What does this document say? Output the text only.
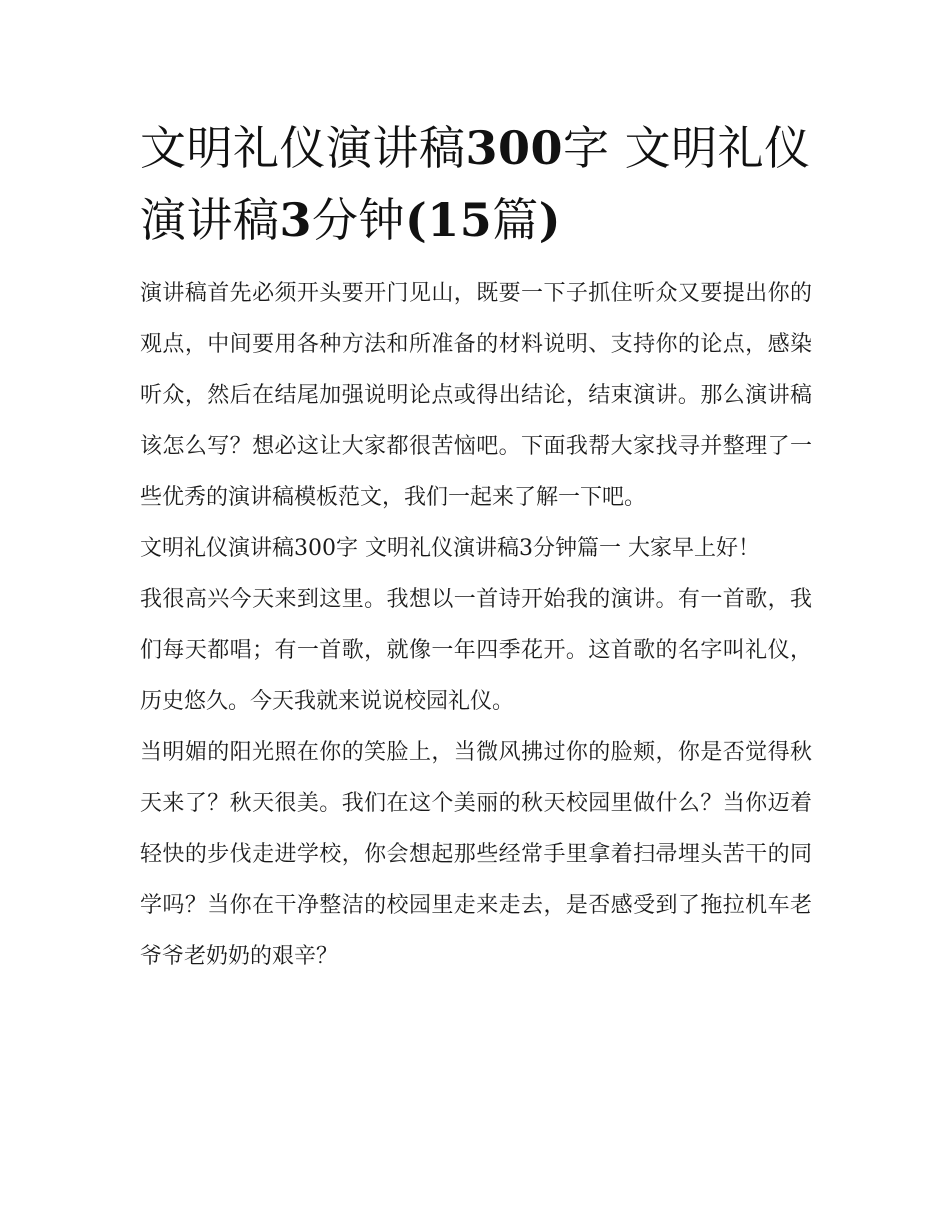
文明礼仪演讲稿300字 文明礼仪演讲稿3分钟(15篇)

演讲稿首先必须开头要开门见山，既要一下子抓住听众又要提出你的观点，中间要用各种方法和所准备的材料说明、支持你的论点，感染听众，然后在结尾加强说明论点或得出结论，结束演讲。那么演讲稿该怎么写？想必这让大家都很苦恼吧。下面我帮大家找寻并整理了一些优秀的演讲稿模板范文，我们一起来了解一下吧。

文明礼仪演讲稿300字 文明礼仪演讲稿3分钟篇一 大家早上好！

我很高兴今天来到这里。我想以一首诗开始我的演讲。有一首歌，我们每天都唱；有一首歌，就像一年四季花开。这首歌的名字叫礼仪，历史悠久。今天我就来说说校园礼仪。

当明媚的阳光照在你的笑脸上，当微风拂过你的脸颊，你是否觉得秋天来了？秋天很美。我们在这个美丽的秋天校园里做什么？当你迈着轻快的步伐走进学校，你会想起那些经常手里拿着扫帚埋头苦干的同学吗？当你在干净整洁的校园里走来走去，是否感受到了拖拉机车老爷爷老奶奶的艰辛？
